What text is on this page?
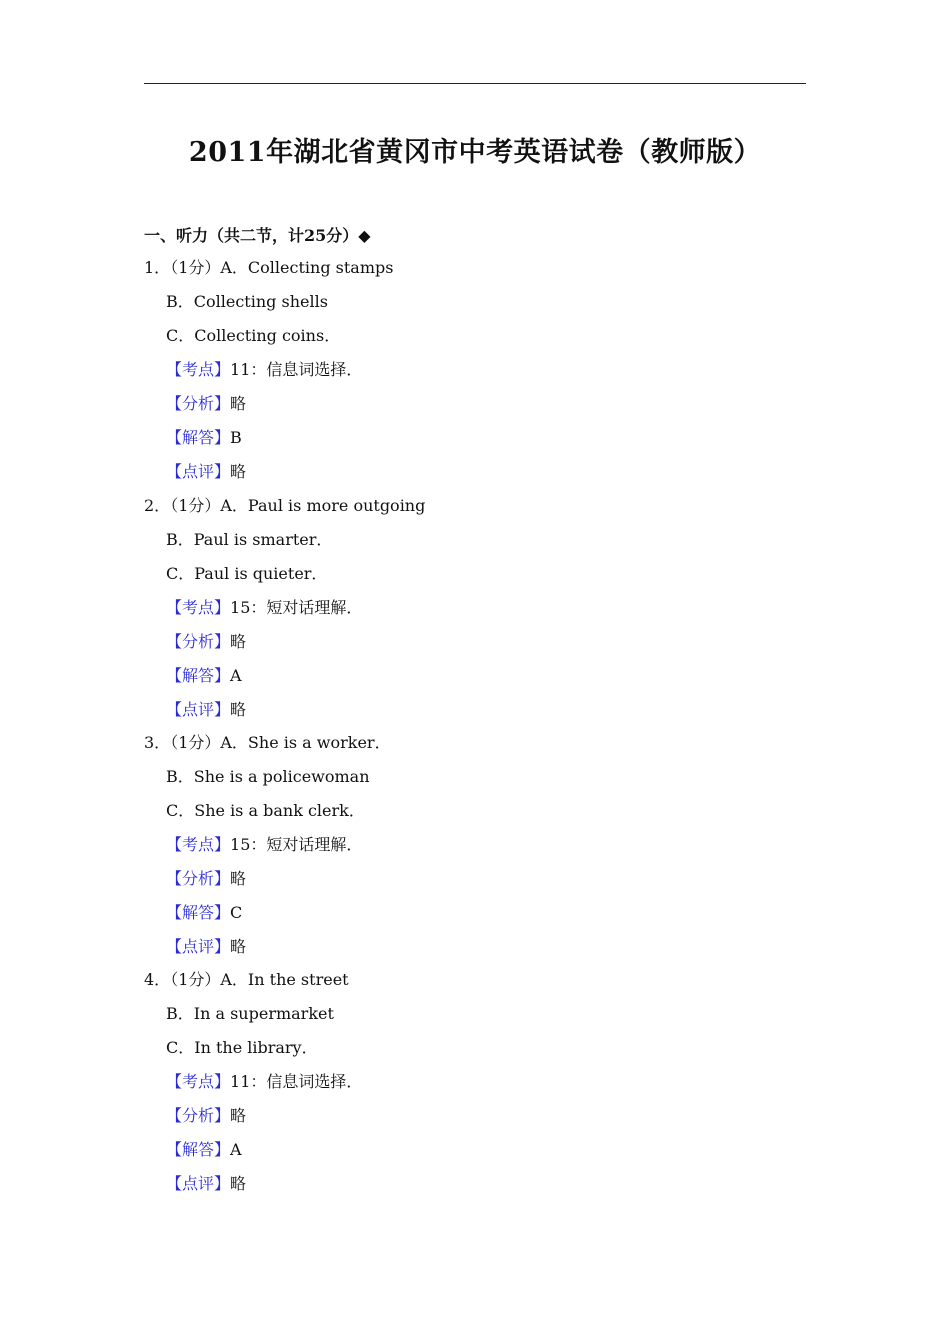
2011年湖北省黄冈市中考英语试卷（教师版）
一、听力（共二节，计25分）◆
1．（1分）A．Collecting stamps
B．Collecting shells
C．Collecting coins．
【考点】11：信息词选择．
【分析】略
【解答】B
【点评】略
2．（1分）A．Paul is more outgoing
B．Paul is smarter．
C．Paul is quieter．
【考点】15：短对话理解．
【分析】略
【解答】A
【点评】略
3．（1分）A．She is a worker．
B．She is a policewoman
C．She is a bank clerk．
【考点】15：短对话理解．
【分析】略
【解答】C
【点评】略
4．（1分）A．In the street
B．In a supermarket
C．In the library．
【考点】11：信息词选择．
【分析】略
【解答】A
【点评】略
